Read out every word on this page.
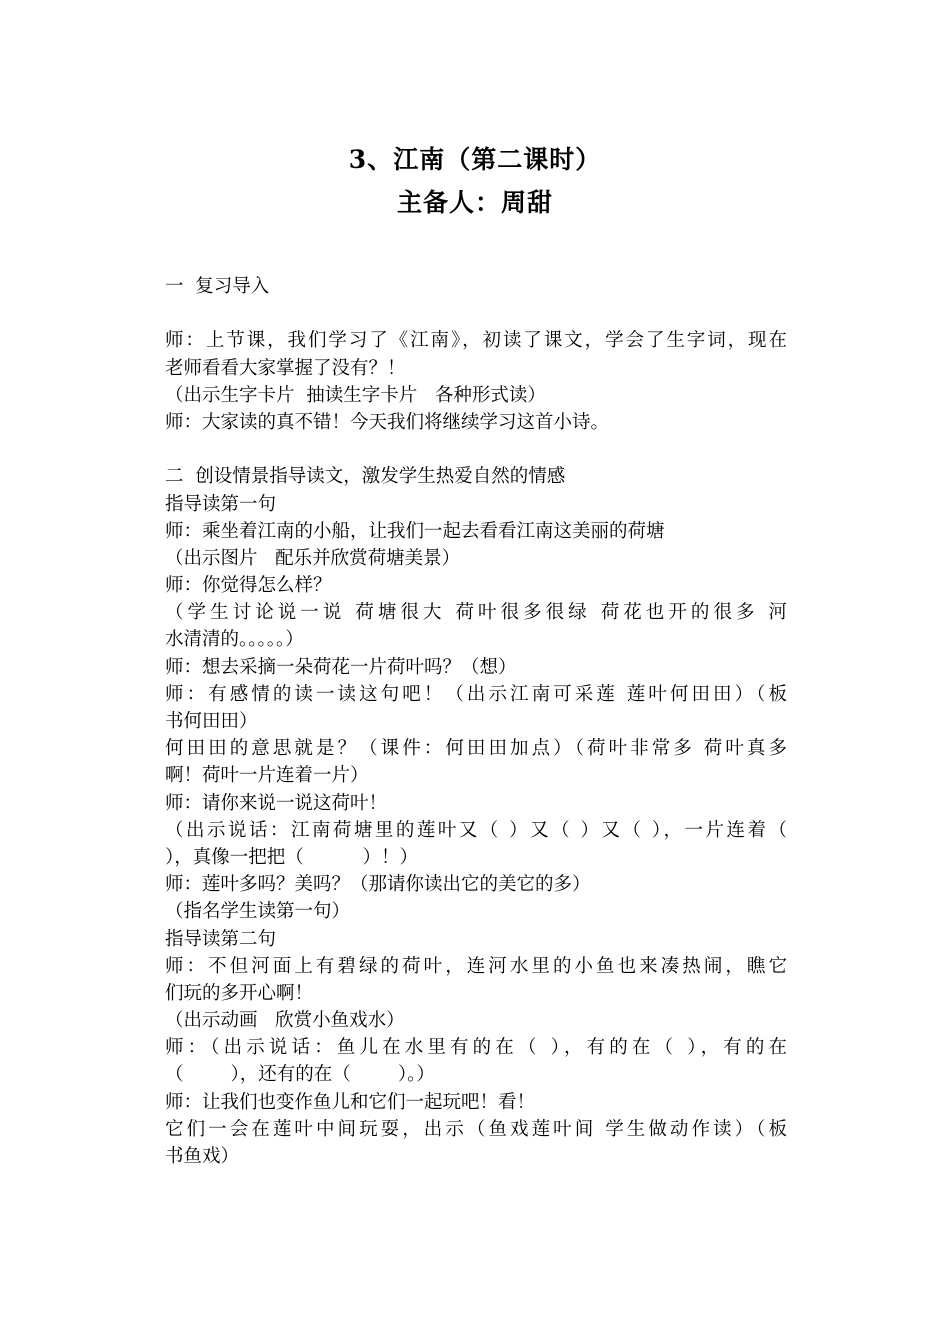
3、江南（第二课时）
主备人：周甜
一  复习导入
师：上节课，我们学习了《江南》，初读了课文，学会了生字词，现在
老师看看大家掌握了没有？！
（出示生字卡片  抽读生字卡片   各种形式读）
师：大家读的真不错！今天我们将继续学习这首小诗。
二  创设情景指导读文，激发学生热爱自然的情感
指导读第一句
师：乘坐着江南的小船，让我们一起去看看江南这美丽的荷塘
（出示图片   配乐并欣赏荷塘美景）
师：你觉得怎么样？
（学生讨论说一说 荷塘很大 荷叶很多很绿 荷花也开的很多 河
水清清的。。。。。）
师：想去采摘一朵荷花一片荷叶吗？（想）
师：有感情的读一读这句吧！（出示江南可采莲 莲叶何田田）（板
书何田田）
何田田的意思就是？（课件：何田田加点）（荷叶非常多 荷叶真多
啊！荷叶一片连着一片）
师：请你来说一说这荷叶！
（出示说话：江南荷塘里的莲叶又（ ）又（ ）又（ ），一片连着（
），真像一把把（          ）！）
师：莲叶多吗？美吗？（那请你读出它的美它的多）
（指名学生读第一句）
指导读第二句
师：不但河面上有碧绿的荷叶，连河水里的小鱼也来凑热闹，瞧它
们玩的多开心啊！
（出示动画   欣赏小鱼戏水）
师：（出示说话：鱼儿在水里有的在（ ），有的在（ ），有的在
（        ），还有的在（        ）。）
师：让我们也变作鱼儿和它们一起玩吧！看！
它们一会在莲叶中间玩耍，出示（鱼戏莲叶间 学生做动作读）（板
书鱼戏）
